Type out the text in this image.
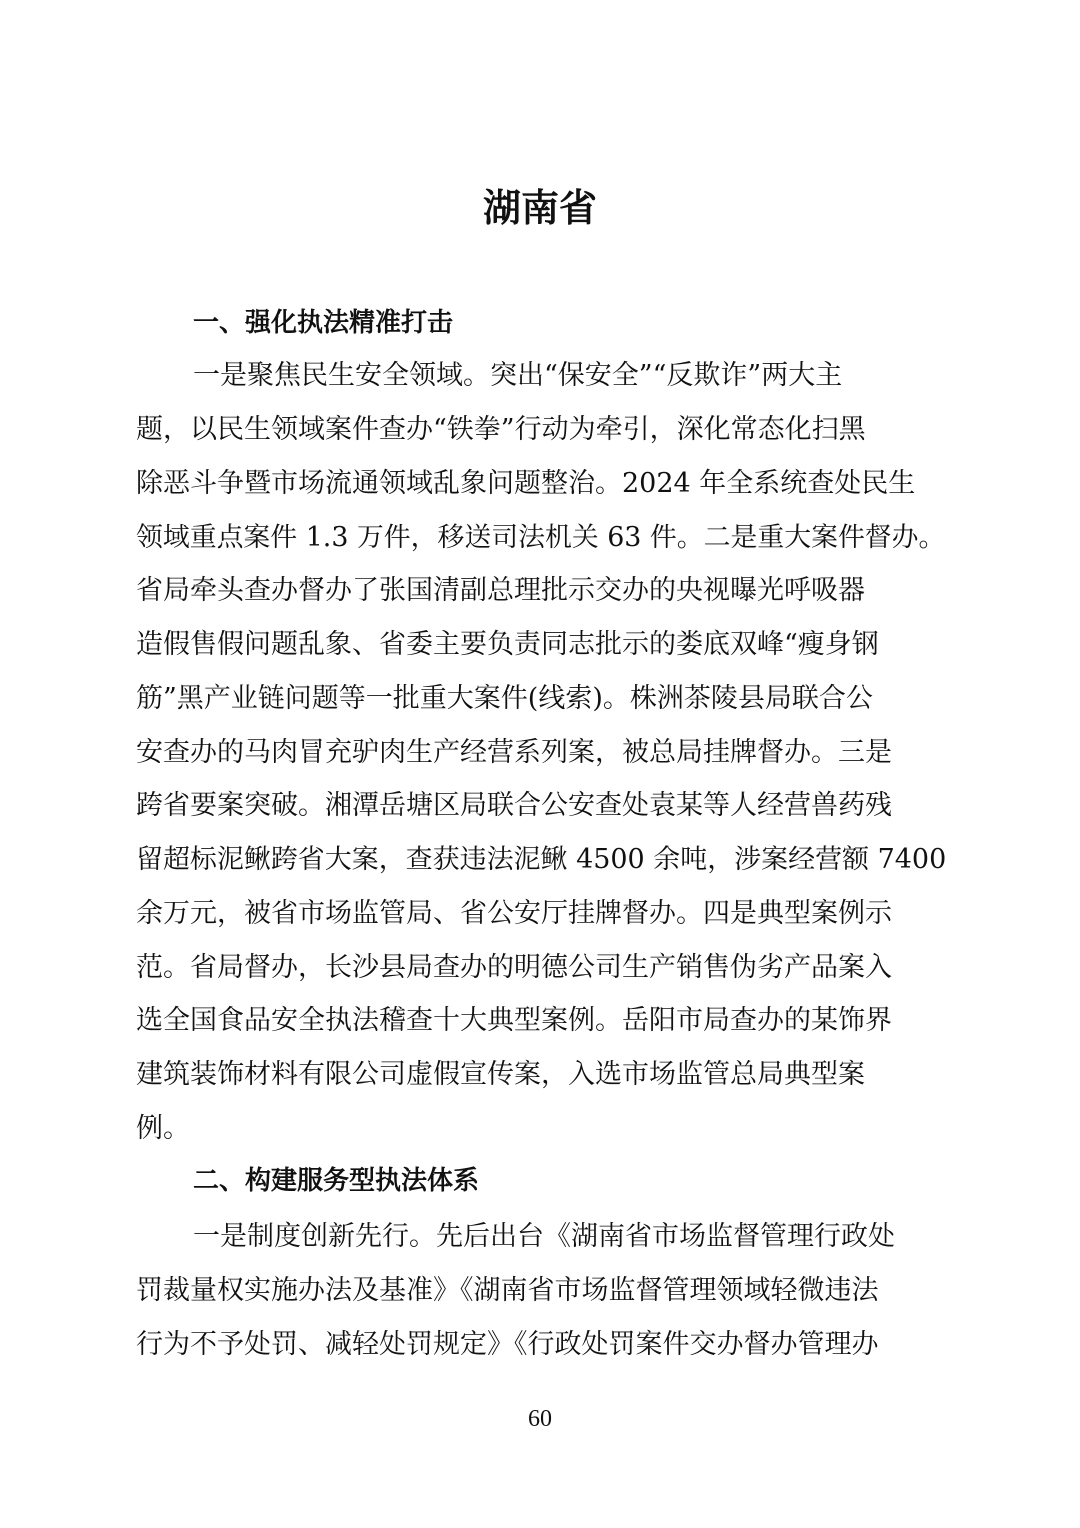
湖南省
一、强化执法精准打击

一是聚焦民生安全领域。突出“保安全”“反欺诈”两大主

题，以民生领域案件查办“铁拳”行动为牵引，深化常态化扫黑

除恶斗争暨市场流通领域乱象问题整治。2024 年全系统查处民生

领域重点案件 1.3 万件，移送司法机关 63 件。二是重大案件督办。

省局牵头查办督办了张国清副总理批示交办的央视曝光呼吸器

造假售假问题乱象、省委主要负责同志批示的娄底双峰“瘦身钢

筋”黑产业链问题等一批重大案件(线索)。株洲茶陵县局联合公

安查办的马肉冒充驴肉生产经营系列案，被总局挂牌督办。三是

跨省要案突破。湘潭岳塘区局联合公安查处袁某等人经营兽药残

留超标泥鳅跨省大案，查获违法泥鳅 4500 余吨，涉案经营额 7400

余万元，被省市场监管局、省公安厅挂牌督办。四是典型案例示

范。省局督办，长沙县局查办的明德公司生产销售伪劣产品案入

选全国食品安全执法稽查十大典型案例。岳阳市局查办的某饰界

建筑装饰材料有限公司虚假宣传案，入选市场监管总局典型案

例。

二、构建服务型执法体系

一是制度创新先行。先后出台《湖南省市场监督管理行政处

罚裁量权实施办法及基准》《湖南省市场监督管理领域轻微违法

行为不予处罚、减轻处罚规定》《行政处罚案件交办督办管理办

60
